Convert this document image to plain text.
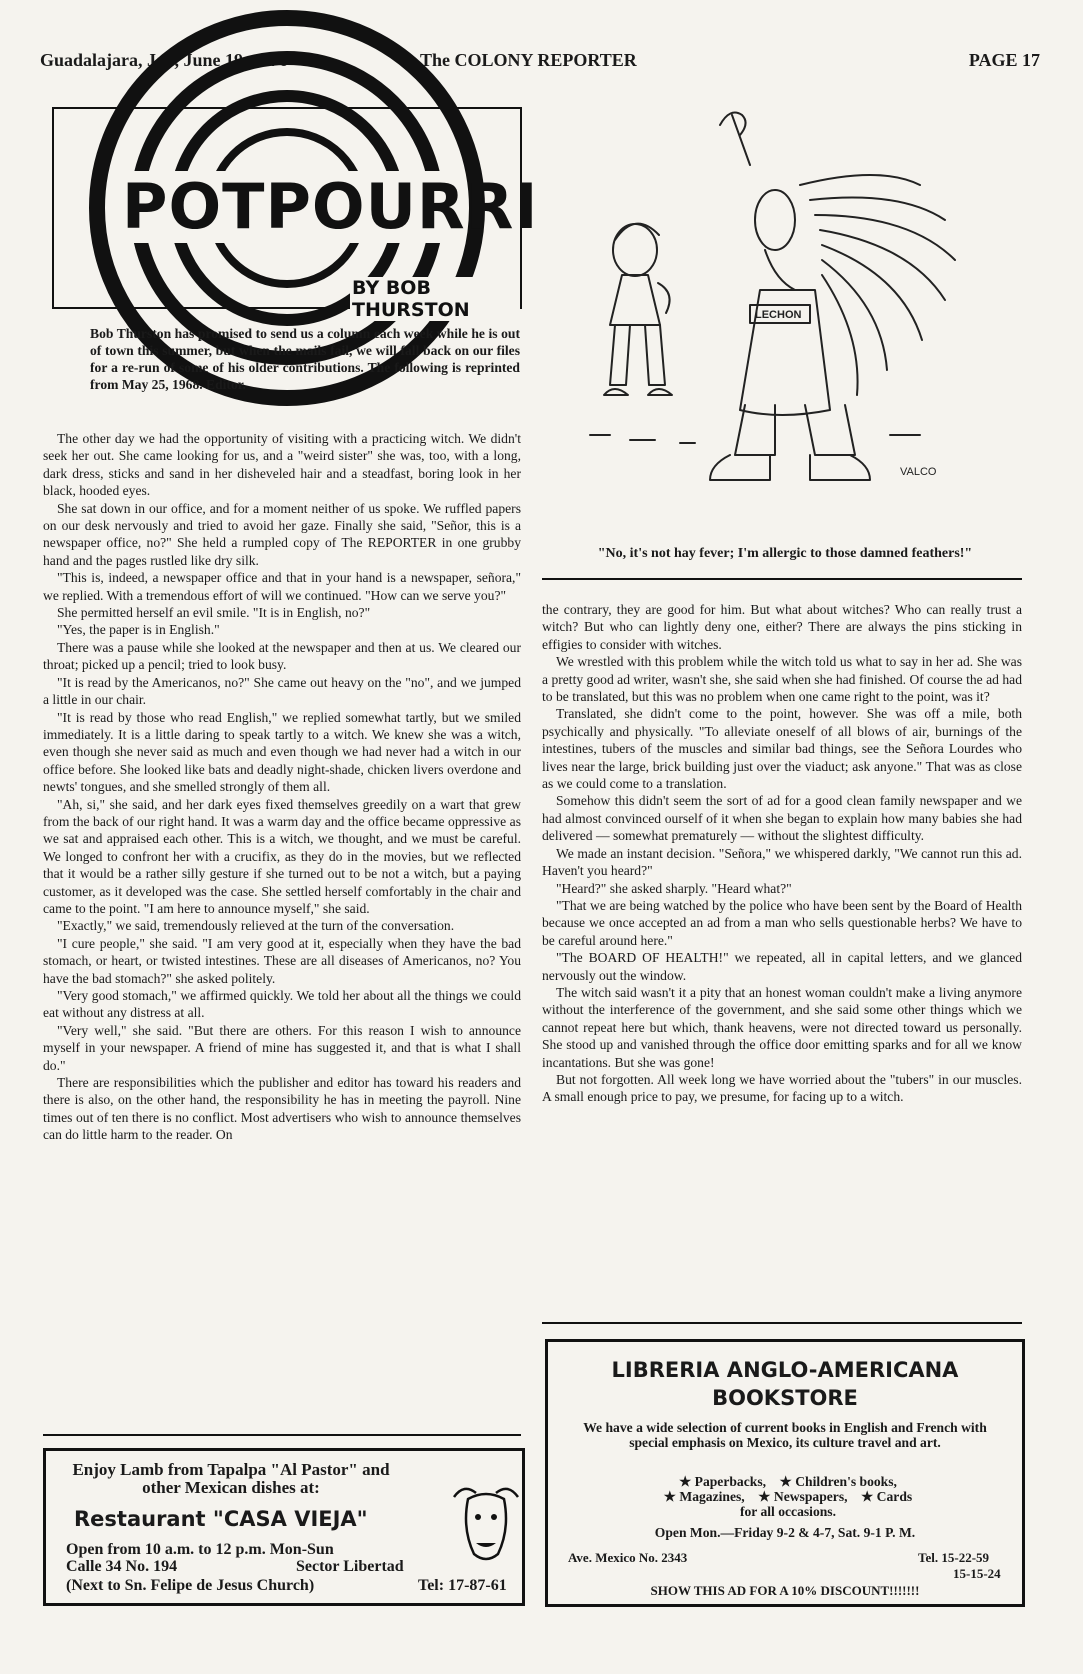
Guadalajara, Jal., June 19, 1976	The COLONY REPORTER	PAGE 17
POTPOURRI
BY BOB THURSTON
Bob Thurston has promised to send us a column each week while he is out of town this summer, but when the mails fail, we will fall back on our files for a re-run of some of his older contributions. The following is reprinted from May 25, 1968. Editor.

The other day we had the opportunity of visiting with a practicing witch. We didn't seek her out. She came looking for us, and a "weird sister" she was, too, with a long, dark dress, sticks and sand in her disheveled hair and a steadfast, boring look in her black, hooded eyes.

She sat down in our office, and for a moment neither of us spoke. We ruffled papers on our desk nervously and tried to avoid her gaze. Finally she said, "Señor, this is a newspaper office, no?" She held a rumpled copy of The REPORTER in one grubby hand and the pages rustled like dry silk.

"This is, indeed, a newspaper office and that in your hand is a newspaper, señora," we replied. With a tremendous effort of will we continued. "How can we serve you?"

She permitted herself an evil smile. "It is in English, no?"

"Yes, the paper is in English."

There was a pause while she looked at the newspaper and then at us. We cleared our throat; picked up a pencil; tried to look busy.

"It is read by the Americanos, no?" She came out heavy on the "no", and we jumped a little in our chair.

"It is read by those who read English," we replied somewhat tartly, but we smiled immediately. It is a little daring to speak tartly to a witch. We knew she was a witch, even though she never said as much and even though we had never had a witch in our office before. She looked like bats and deadly night-shade, chicken livers overdone and newts' tongues, and she smelled strongly of them all.

"Ah, si," she said, and her dark eyes fixed themselves greedily on a wart that grew from the back of our right hand. It was a warm day and the office became oppressive as we sat and appraised each other. This is a witch, we thought, and we must be careful. We longed to confront her with a crucifix, as they do in the movies, but we reflected that it would be a rather silly gesture if she turned out to be not a witch, but a paying customer, as it developed was the case. She settled herself comfortably in the chair and came to the point. "I am here to announce myself," she said.

"Exactly," we said, tremendously relieved at the turn of the conversation.

"I cure people," she said. "I am very good at it, especially when they have the bad stomach, or heart, or twisted intestines. These are all diseases of Americanos, no? You have the bad stomach?" she asked politely.

"Very good stomach," we affirmed quickly. We told her about all the things we could eat without any distress at all.

"Very well," she said. "But there are others. For this reason I wish to announce myself in your newspaper. A friend of mine has suggested it, and that is what I shall do."

There are responsibilities which the publisher and editor has toward his readers and there is also, on the other hand, the responsibility he has in meeting the payroll. Nine times out of ten there is no conflict. Most advertisers who wish to announce themselves can do little harm to the reader. On

LECHON
VALCO
"No, it's not hay fever; I'm allergic to those damned feathers!"

the contrary, they are good for him. But what about witches? Who can really trust a witch? But who can lightly deny one, either? There are always the pins sticking in effigies to consider with witches.

We wrestled with this problem while the witch told us what to say in her ad. She was a pretty good ad writer, wasn't she, she said when she had finished. Of course the ad had to be translated, but this was no problem when one came right to the point, was it?

Translated, she didn't come to the point, however. She was off a mile, both psychically and physically. "To alleviate oneself of all blows of air, burnings of the intestines, tubers of the muscles and similar bad things, see the Señora Lourdes who lives near the large, brick building just over the viaduct; ask anyone." That was as close as we could come to a translation.

Somehow this didn't seem the sort of ad for a good clean family newspaper and we had almost convinced ourself of it when she began to explain how many babies she had delivered — somewhat prematurely — without the slightest difficulty.

We made an instant decision. "Señora," we whispered darkly, "We cannot run this ad. Haven't you heard?"

"Heard?" she asked sharply. "Heard what?"

"That we are being watched by the police who have been sent by the Board of Health because we once accepted an ad from a man who sells questionable herbs? We have to be careful around here."

"The BOARD OF HEALTH!" we repeated, all in capital letters, and we glanced nervously out the window.

The witch said wasn't it a pity that an honest woman couldn't make a living anymore without the interference of the government, and she said some other things which we cannot repeat here but which, thank heavens, were not directed toward us personally. She stood up and vanished through the office door emitting sparks and for all we know incantations. But she was gone!

But not forgotten. All week long we have worried about the "tubers" in our muscles. A small enough price to pay, we presume, for facing up to a witch.

Enjoy Lamb from Tapalpa "Al Pastor" and other Mexican dishes at:
Restaurant "CASA VIEJA"
Open from 10 a.m. to 12 p.m. Mon-Sun
Calle 34 No. 194	Sector Libertad
(Next to Sn. Felipe de Jesus Church)	Tel: 17-87-61
LIBRERIA ANGLO-AMERICANA
BOOKSTORE
We have a wide selection of current books in English and French with special emphasis on Mexico, its culture travel and art.
★ Paperbacks,    ★ Children's books,
★ Magazines,    ★ Newspapers,    ★ Cards
for all occasions.
Open Mon.—Friday 9-2 & 4-7, Sat. 9-1 P. M.
Ave. Mexico No. 2343	Tel. 15-22-59
15-15-24
SHOW THIS AD FOR A 10% DISCOUNT!!!!!!!
